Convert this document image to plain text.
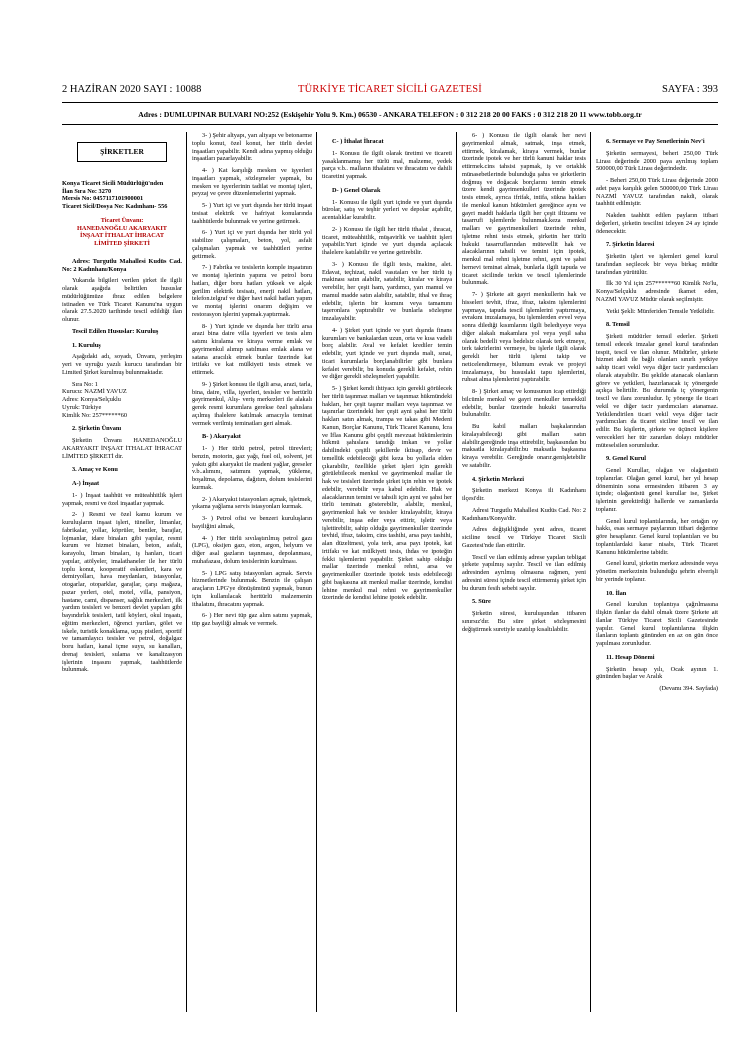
2 HAZİRAN 2020 SAYI : 10088	TÜRKİYE TİCARET SİCİLİ GAZETESİ	SAYFA : 393
Adres : DUMLUPINAR BULVARI NO:252 (Eskişehir Yolu 9. Km.) 06530 - ANKARA TELEFON : 0 312 218 20 00 FAKS : 0 312 218 20 11 www.tobb.org.tr
ŞİRKETLER

Konya Ticaret Sicili Müdürlüğü'nden
İlan Sıra No: 3270
Mersis No: 0457117101900001
Ticaret Sicil/Dosya No: Kadınhanı- 556

Ticaret Ünvanı:
HANEDANOĞLU AKARYAKIT İNŞAAT İTHALAT İHRACAT LİMİTED ŞİRKETİ

Adres: Turgutlu Mahallesi Kudüs Cad. No: 2 Kadınhanı/Konya

Yukarıda bilgileri verilen şirket ile ilgili olarak aşağıda belirtilen hususlar müdürlüğümüze ibraz edilen belgelere istinaden ve Türk Ticaret Kanunu'na uygun olarak 27.5.2020 tarihinde tescil edildiği ilan olunur.

Tescil Edilen Hususlar: Kuruluş

1. Kuruluş

Aşağıdaki adı, soyadı, Ünvanı, yerleşim yeri ve uyruğu yazılı kurucu tarafından bir Limited Şirket kurulmuş bulunmaktadır.

Sıra No: 1
Kurucu: NAZMİ YAVUZ
Adres: Konya/Selçuklu
Uyruk: Türkiye
Kimlik No: 257******60

2. Şirketin Ünvanı

Şirketin Ünvanı HANEDANOĞLU AKARYAKIT İNŞAAT İTHALAT İHRACAT LİMİTED ŞİRKETİ dir.

3. Amaç ve Konu
A-) İnşaat

1- ) İnşaat taahhüt ve müteahhitlik işleri yapmak, resmi ve özel inşaatlar yapmak.

2- ) Resmi ve özel kamu kurum ve kuruluşların inşaat işleri, tüneller, limanlar, fabrikalar, yollar, köprüler, bentler, barajlar, lojmanlar, idare binaları gibi yapılar, resmi kurum ve hizmet binaları, beton, asfalt, karayolu, liman binaları, iş hanları, ticari yapılar, atölyeler, imalathaneler ile her türlü toplu konut, kooperatif eskentleri, kara ve demiryolları, hava meydanları, istasyonlar, otogarlar, otoparklar, garajlar, çarşı mağaza, pazar yerleri, otel, motel, villa, pansiyon, hastane, cami, dispanser, sağlık merkezleri, ilk yardım tesisleri ve benzeri devlet yapıları gibi bayındırlık tesisleri, tatil köyleri, okul inşaatı, eğitim merkezleri, öğrenci yurtları, gölet ve iskele, turistik konaklama, uçuş pistleri, sportif ve tamamlayıcı tesisler ve petrol, doğalgaz boru hatları, kanal içme suyu, su kanalları, drenaj tesisleri, sulama ve kanalizasyon işlerinin inşasını yapmak, taahhütlerde bulunmak.

3- ) Şehir altyapı, yarı altyapı ve betonarme toplu konut, özel konut, her türlü devlet inşaatları yapabilir. Kendi adına yapmış olduğu inşaatları pazarlayabilir.

4- ) Kat karşılığı mesken ve işyerleri inşaatları yapmak, sözleşmeler yapmak, bu mesken ve işyerlerinin tadilat ve montaj işleri, peyzaj ve çevre düzenlemelerini yapmak.

5- ) Yurt içi ve yurt dışında her türlü inşaat tesisat elektrik ve hafriyat konularında taahhütlerde bulunmak ve yerine getirmek.

6- ) Yurt içi ve yurt dışında her türlü yol stabilize çalışmaları, beton, yol, asfalt çalışmaları yapmak ve taahhütleri yerine getirmek.

7- ) Fabrika ve tesislerin komple inşaatının ve montaj işlerinin yapımı ve petrol boru hatları, diğer boru hatları yüksek ve alçak gerilim elektrik tesisatı, enerji nakil hatları, telefon.telgraf ve diğer havi nakil hatları yapım ve montaj işlerini onarım değişim ve restorasyon işlerini yapmak.yaptırmak.

8- ) Yurt içinde ve dışında her türlü arsa arazi bina daire villa işyerleri ve tesis alım satımı kiralama ve kiraya verme emlak ve gayrimenkul alımıp satılması emlak alana ve satana aracılık etmek bunlar üzerinde kat irtifakı ve kat mülkiyeti tesis etmek ve ettirmek.

9- ) Şirket konusu ile ilgili arsa, arazi, tarla, bina, daire, villa, işyerleri, tesisler ve hertürlü gayrimenkul, Alış- veriş merkezleri ile alakalı gerek resmi kurumlara gerekse özel şahıslara açılmış ihalelere katılmak amacıyla teminat vermek verilmiş teminatları geri almak.

B- ) Akaryakıt

1- ) Her türlü petrol, petrol türevleri; benzin, motorin, gaz yağı, fuel oil, solvent, jet yakıtı gibi akaryakıt ile madeni yağlar, greseler v.b..alımını, satımını yapmak, yükleme, boşaltma, depolama, dağıtım, dolum tesislerini kurmak.

2- ) Akaryakıt istasyonları açmak, işletmek, yıkama yağlama servis istasyonları kurmak.

3- ) Petrol ofisi ve benzeri kuruluşların bayiliğini almak,

4- ) Her türlü sıvılaştırılmış petrol gazı (LPG), oksijen gazı, eton, argon, helyum ve diğer asal gazların taşınması, depolanması, muhafazası, dolum tesislerinin kurulması.

5- ) LPG satış istasyonları açmak. Servis hizmetlerinde bulunmak. Benzin ile çalışan araçların LPG'ye dönüşümünü yapmak, bunun için kullanılacak herttürlü malzemenin ithalatını, ihracatını yapmak.

6- ) Her nevi tüp gaz alım satımı yapmak, tüp gaz bayiliği almak ve vermek.

C- ) İthalat İhracat

1- Konusu ile ilgili olarak üretimi ve ticareti yasaklanmamış her türlü mal, malzeme, yedek parça v.b.. malların ithalatını ve ihracatını ve dahili ticaretini yapmak.

D- ) Genel Olarak

1- Konusu ile ilgili yurt içinde ve yurt dışında bürolar, satış ve teşhir yerleri ve depolar açabilir, acentalıklar kurabilir.

2- ) Konusu ile ilgili her türlü ithalat , ihracat, ticaret, müteahhitlik, müşavirlik ve taahhüt işleri yapabilir.Yurt içinde ve yurt dışında açılacak ihalelere katılabilir ve yerine getirebilir.

3- ) Konusu ile ilgili tesis, makine, alet. Edavat, teçhizat, nakil vasıtaları ve her türlü iş makinası satın alabilir, satabilir, kiralar ve kiraya verebilir, her çeşit ham, yardımcı, yarı mamul ve mamul madde satın alabilir, satabilir, ithal ve ihraç edebilir, işlerin bir kısmını veya tamamını taşeronlara yaptırabilir ve bunlarla sözleşme imzalayabilir.

4- ) Şirket yurt içinde ve yurt dışında finans kurumları ve bankalardan uzun, orta ve kısa vadeli borç alabilir. Aval ve kefalet krediler temin edebilir, yurt içinde ve yurt dışında mali, sınai, ticari kurumlarla borçlanabilirler gibi bunlara kefalet verebilir, bu konuda gerekli kefalet, rehin ve diğer gerekli sözleşmeleri yapabilir.

5- ) Şirket kendi ihtiyacı için gerekli görülecek her türlü taşınmaz malları ve taşınmaz hükmündeki hakları, her çeşit taşınır malları veya taşınmaz ve taşınırlar üzerindeki her çeşit ayni şahsi her türlü hakları satın almak, trampa ve takas gibi Medeni Kanun, Borçlar Kanunu, Türk Ticaret Kanunu, İcra ve İflas Kanunu gibi çeşitli mevzuat hükümlerinin hükmü şahıslara tanıdığı imkan ve yollar dahilindeki çeşitli şekillerde iktisap, devir ve temellük edebileceği gibi keza bu yollarla elden çıkarabilir, özellikle şirket işleri için gerekli görülebilecek menkul ve gayrimenkul mallar ile hak ve tesisleri üzerinde şirket için rehin ve ipotek edebilir, verebilir veya kabul edebilir. Hak ve alacaklarının temini ve tahsili için ayni ve şahsi her türlü teminatı gösterebilir, alabilir, menkul, gayrimenkul hak ve tesisler kiralayabilir, kiraya verebilir, inşaa eder veya ettirir, işletir veya işlettirebilir, sahip olduğu gayrimenkuller üzerinde tevhid, ifraz, taksim, cins tashihi, arsa payı tashihi, alan düzeltmesi, yola terk, arsa payı ipotek, kat irtifakı ve kat mülkiyeti tesis, ihdas ve ipoteğin fekki işlemlerini yapabilir. Şirket sahip olduğu mallar üzerinde menkul rehni, arsa ve gayrimenkuller üzerinde ipotek tesis edebileceği gibi başkasına ait menkul mallar üzerinde, kendisi lehine menkul mal rehni ve gayrimenkuller üzerinde de kendisi lehine ipotek edebilir.

6- ) Konusu ile ilgili olarak her nevi gayrimenkul almak, satmak, inşa etmek, ettirmek, kiralamak, kiraya vermek, bunlar üzerinde ipotek ve her türlü kanuni haklar tesis ettirmek.cins tahsisi yapmak, iş ve ortaklık münasebetlerinde bulunduğu şahıs ve şirketlerin doğmuş ve doğacak borçlarını temin etmek üzere kendi gayrimenkulleri üzerinde ipotek tesis etmek, ayrıca ifrifak, intifa, süknа hakları ile menkul kanun hükümleri gereğince aynı ve gayri maddi haklarla ilgili her çeşit iltizamı ve tasarrufi işlemlerde bulunmak.keza menkul malları ve gayrimenkulleri üzerinde rehin, işletme rehni tesis etmek, şirketin her türlü hukuki tasarruflarından mütevellit hak ve alacaklarının tahsili ve temini için ipotek, menkul mal rehni işletme rehni, ayni ve şahsi hernevi teminat almak, bunlarla ilgili tapuda ve ticaret sicilinde terkin ve tescil işlemlerinde bulunmak.

7- ) Şirkete ait gayri menkullerin hak ve hisseleri tevhit, ifraz, ifraz, taksim işlemlerini yapmaya, tapuda tescil işlemlerini yaptırmaya, evrakını imzalamaya, bu işlemlerden evvel veya sonra dilediği kısımlarını ilgili belediyeye veya diğer alakalı makamlara yol veya yeşil saha olarak bedelli veya bedelsiz olarak terk etmeye, terk takrirlerini vermeye, bu işlerle ilgili olarak gerekli her türlü işlemi takip ve neticelendirmeye, bilumum evrak ve projeyi imzalamaya, bu hususlaki tapu işlemlerini, ruhsat alma işlemlerini yaptırabilir.

8- ) Şirket amaç ve konusunun icap ettirdiği bilcümle menkul ve gayri menkuller temekkül edebilir, bunlar üzerinde hukuki tasarrufta bulunabilir.

Bu kabil malları başkalarından kiralayabileceği gibi malları satın alabilir.gereğinde inşa ettirebilir, başkasından bu maksatla kiralayabilir.bu maksatla başkasına kiraya verebilir. Gereğinde onarır.genişletebilir ve satabilir.

4. Şirketin Merkezi

Şirketin merkezi Konya ili Kadınhanı ilçesi'dir.

Adresi Turgutlu Mahallesi Kudüs Cad. No: 2 Kadınhanı/Konya'dir.

Adres değişikliğinde yeni adres, ticaret siciline tescil ve Türkiye Ticaret Sicili Gazetesi'nde ilan ettirilir.

Tescil ve ilan edilmiş adrese yapılan tebligat şirkete yapılmış sayılır. Tescil ve ilan edilmiş adresinden ayrılmış olmasına rağmen, yeni adresini süresi içinde tescil ettirmemiş şirket için bu durum fesih sebebi sayılır.

5. Süre

Şirketin süresi, kuruluşundan itibaren sınırsız'dır. Bu süre şirket sözleşmesini değiştirmek suretiyle uzatılıp kısaltılabilir.

6. Sermaye ve Pay Senetlerinin Nev'i

Şirketin sermayesi, beheri 250,00 Türk Lirası değerinde 2000 paya ayrılmış toplam 500000,00 Türk Lirası değerindedir.

- Beheri 250,00 Türk Lirası değerinde 2000 adet paya karşılık gelen 500000,00 Türk Lirası NAZMİ YAVUZ tarafından nakdi, olarak taahhüt edilmiştir.

Nakden taahhüt edilen payların itibari değerleri, şirketin tescilini izleyen 24 ay içinde ödenecektir.

7. Şirketin İdaresi

Şirketin işleri ve işlemleri genel kurul tarafından seçilecek bir veya birkaç müdür tarafından yürütülür.

İlk 30 Yıl için 257******60 Kimlik No'lu, Konya/Selçuklu adresinde ikamet eden, NAZMİ YAVUZ Müdür olarak seçilmiştir.

Yetki Şekli: Münferiden Temsile Yetkilidir.

8. Temsil

Şirketi müdürler temsil ederler. Şirketi temsil edecek imzalar genel kurul tarafından tespit, tescil ve ilan olunur. Müdürler, şirkete hizmet akdi ile bağlı olanları sınırlı yetkiye sahip ticari vekil veya diğer tacir yardımcıları olarak atayabilir. Bu şekilde atanacak olanların görev ve yetkileri, hazırlanacak iç yönergede açıkça belirtilir. Bu durumda iç yönergenin tescil ve ilanı zorunludur. İç yönerge ile ticari vekil ve diğer tacir yardımcıları atanamaz. Yetkilendirilen ticari vekil veya diğer tacir yardımcıları da ticaret siciline tescil ve ilan edilir. Bu kişilerin, şirkete ve üçüncü kişilere verecekleri her tür zarardan dolayı müdürler müteselsilen sorumludur.

9. Genel Kurul

Genel Kurullar, olağan ve olağanüstü toplanırlar. Olağan genel kurul, her yıl hesap döneminin sona ermesinden itibaren 3 ay içinde; olağanüstü genel kurullar ise, Şirket işlerinin gerektirdiği hallerde ve zamanlarda toplanır.

Genel kurul toplantılarında, her ortağın oy hakkı, esas sermaye paylarının itibari değerine göre hesaplanır. Genel kurul toplantıları ve bu toplantılardaki karar nisabı, Türk Ticaret Kanunu hükümlerine tabidir.

Genel kurul, şirketin merkez adresinde veya yönetim merkezinin bulunduğu şehrin elverişli bir yerinde toplanır.

10. İlan

Genel kurulun toplantıya çağrılmasına ilişkin ilanlar da dahil olmak üzere Şirkete ait ilanlar Türkiye Ticaret Sicili Gazetesinde yapılır. Genel kurul toplantılarına ilişkin ilanların toplantı gününden en az on gün önce yapılması zorunludur.

11. Hesap Dönemi

Şirketin hesap yılı, Ocak ayının 1. gününden başlar ve Aralık

(Devamı 394. Sayfada)
